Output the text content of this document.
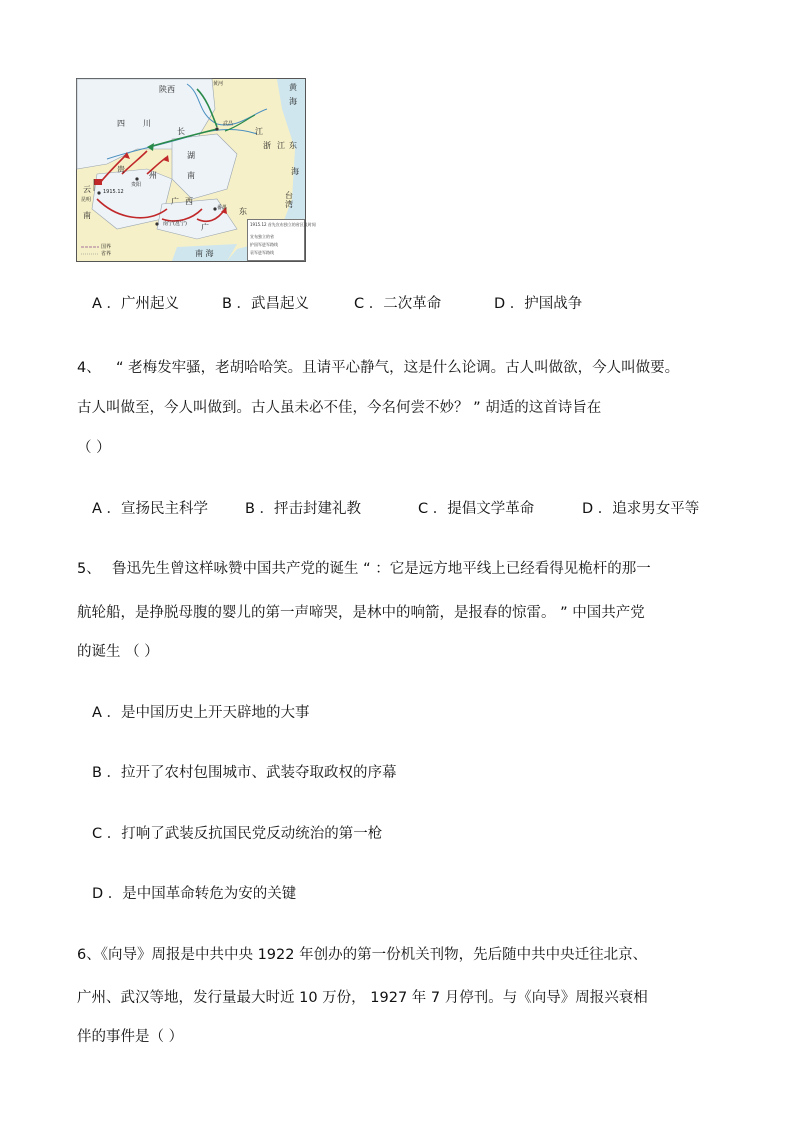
陕西
黄河	黄
海
四 川
长
武昌
江
湖
浙 江 东
海
南
贵
州
贵阳
云 1915.12
昆明
南
广 西
南宁(邕宁) 广
东
番禺
台
湾
南 海
国界
省界
1915.12 首先宣布独立的省区及时间
宣布独立的省
护国军进军路线
袁军进军路线
A ．广州起义	B ．武昌起义	C ．二次革命	D ．护国战争
4、 “ 老梅发牢骚，老胡哈哈笑。且请平心静气，这是什么论调。古人叫做欲，今人叫做要。
古人叫做至，今人叫做到。古人虽未必不佳，今名何尝不妙？ ” 胡适的这首诗旨在
（ ）
A ．宣扬民主科学	B ．抨击封建礼教	C ．提倡文学革命	D ．追求男女平等
5、 鲁迅先生曾这样咏赞中国共产党的诞生 “ ：它是远方地平线上已经看得见桅杆的那一
航轮船，是挣脱母腹的婴儿的第一声啼哭，是林中的响箭，是报春的惊雷。 ” 中国共产党
的诞生 （ ）
A ．是中国历史上开天辟地的大事
B ．拉开了农村包围城市、武装夺取政权的序幕
C ．打响了武装反抗国民党反动统治的第一枪
D ．是中国革命转危为安的关键
6、《向导》周报是中共中央 1922 年创办的第一份机关刊物，先后随中共中央迁往北京、
广州、武汉等地，发行量最大时近 10 万份， 1927 年 7 月停刊。与《向导》周报兴衰相
伴的事件是（ ）
